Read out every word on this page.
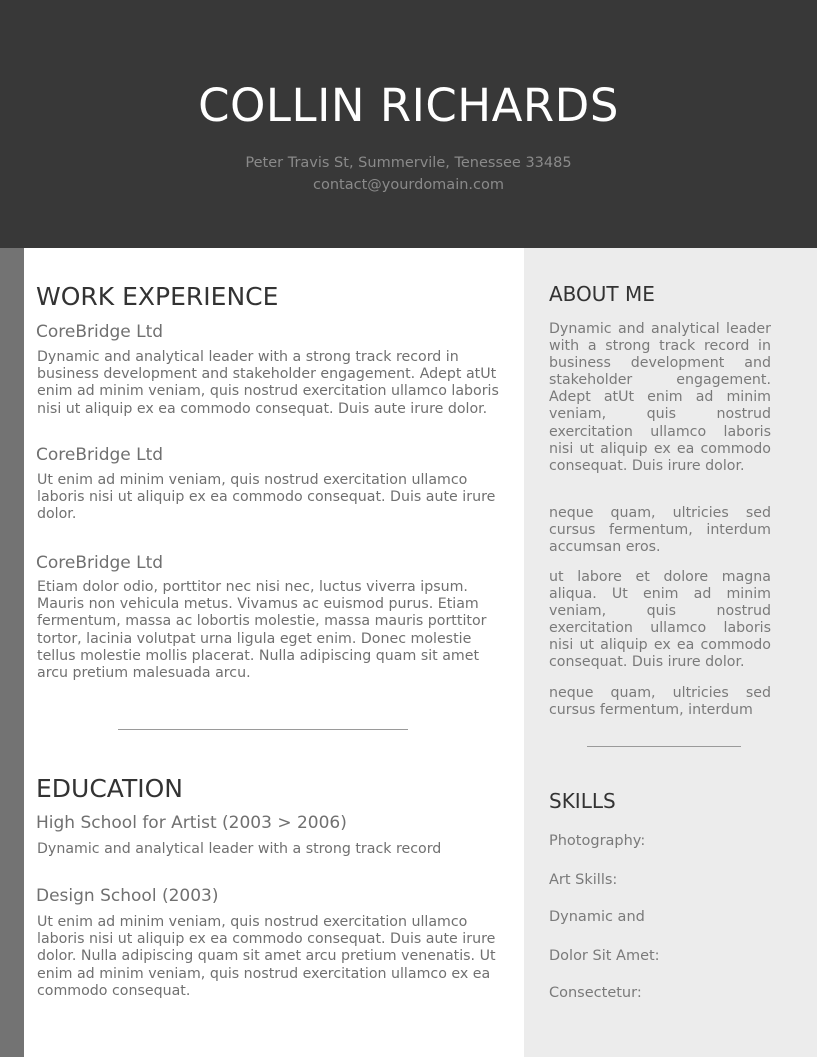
COLLIN RICHARDS
Peter Travis St, Summervile, Tenessee 33485
contact@yourdomain.com
WORK EXPERIENCE
CoreBridge Ltd

Dynamic and analytical leader with a strong track record in business development and stakeholder engagement. Adept atUt enim ad minim veniam, quis nostrud exercitation ullamco laboris nisi ut aliquip ex ea commodo consequat. Duis aute irure dolor.

CoreBridge Ltd

Ut enim ad minim veniam, quis nostrud exercitation ullamco laboris nisi ut aliquip ex ea commodo consequat. Duis aute irure dolor.

CoreBridge Ltd

Etiam dolor odio, porttitor nec nisi nec, luctus viverra ipsum. Mauris non vehicula metus. Vivamus ac euismod purus. Etiam fermentum, massa ac lobortis molestie, massa mauris porttitor tortor, lacinia volutpat urna ligula eget enim. Donec molestie tellus molestie mollis placerat. Nulla adipiscing quam sit amet arcu pretium malesuada arcu.

EDUCATION
High School for Artist (2003 > 2006)

Dynamic and analytical leader with a strong track record

Design School (2003)

Ut enim ad minim veniam, quis nostrud exercitation ullamco laboris nisi ut aliquip ex ea commodo consequat. Duis aute irure dolor. Nulla adipiscing quam sit amet arcu pretium venenatis. Ut enim ad minim veniam, quis nostrud exercitation ullamco ex ea commodo consequat.

ABOUT ME

Dynamic and analytical leader with a strong track record in business development and stakeholder engagement. Adept atUt enim ad minim veniam, quis nostrud exercitation ullamco laboris nisi ut aliquip ex ea commodo consequat. Duis irure dolor.

neque quam, ultricies sed cursus fermentum, interdum accumsan eros.

ut labore et dolore magna aliqua. Ut enim ad minim veniam, quis nostrud exercitation ullamco laboris nisi ut aliquip ex ea commodo consequat. Duis irure dolor.

neque quam, ultricies sed cursus fermentum, interdum

SKILLS

Photography:

Art Skills:

Dynamic and

Dolor Sit Amet:

Consectetur:
